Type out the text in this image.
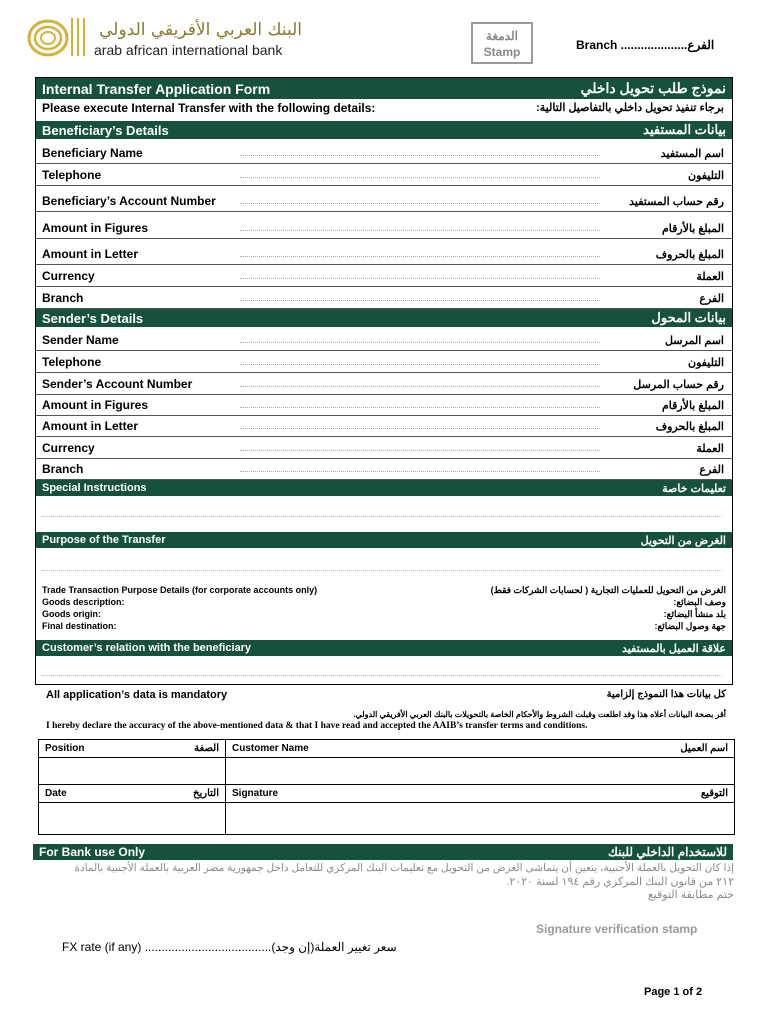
البنك العربي الأفريقي الدولي
arab african international bank
الدمغة
Stamp	Branch ....................الفرع
Internal Transfer Application Form	نموذج طلب تحويل داخلي
Please execute Internal Transfer with the following details:	برجاء تنفيذ تحويل داخلي بالتفاصيل التالية:
Beneficiary’s Details	بيانات المستفيد
Beneficiary Name	اسم المستفيد
Telephone	التليفون
Beneficiary’s Account Number	رقم حساب المستفيد
Amount in Figures	المبلغ بالأرقام
Amount in Letter	المبلغ بالحروف
Currency	العملة
Branch	الفرع
Sender’s Details	بيانات المحول
Sender Name	اسم المرسل
Telephone	التليفون
Sender’s Account Number	رقم حساب المرسل
Amount in Figures	المبلغ بالأرقام
Amount in Letter	المبلغ بالحروف
Currency	العملة
Branch	الفرع
Special Instructions	تعليمات خاصة
Purpose of the Transfer	الغرض من التحويل
Trade Transaction Purpose Details (for corporate accounts only)	الغرض من التحويل للعمليات التجارية ( لحسابات الشركات فقط)
Goods description:	وصف البضائع:
Goods origin:	بلد منشأ البضائع:
Final destination:	جهة وصول البضائع:
Customer’s relation with the beneficiary	علاقة العميل بالمستفيد
All application’s data is mandatory	كل بيانات هذا النموذج إلزامية
أقر بصحة البيانات أعلاه هذا وقد اطلعت وقبلت الشروط والأحكام الخاصة بالتحويلات بالبنك العربي الأفريقي الدولي.
I hereby declare the accuracy of the above-mentioned data & that I have read and accepted the AAIB’s transfer terms and conditions.
Position الصفة	Customer Name اسم العميل

Date التاريخ	Signature التوقيع

For Bank use Only	للاستخدام الداخلي للبنك
إذا كان التحويل بالعملة الأجنبية، يتعين أن يتماشى الغرض من التحويل مع تعليمات البنك المركزي للتعامل داخل جمهورية مصر العربية بالعملة الأجنبية بالمادة
٢١٢ من قانون البنك المركزي رقم ١٩٤ لسنة ٢٠٢٠.
ختم مطابقة التوقيع
Signature verification stamp
FX rate (if any) ......................................(إن وجد)سعر تغيير العملة
Page 1 of 2
